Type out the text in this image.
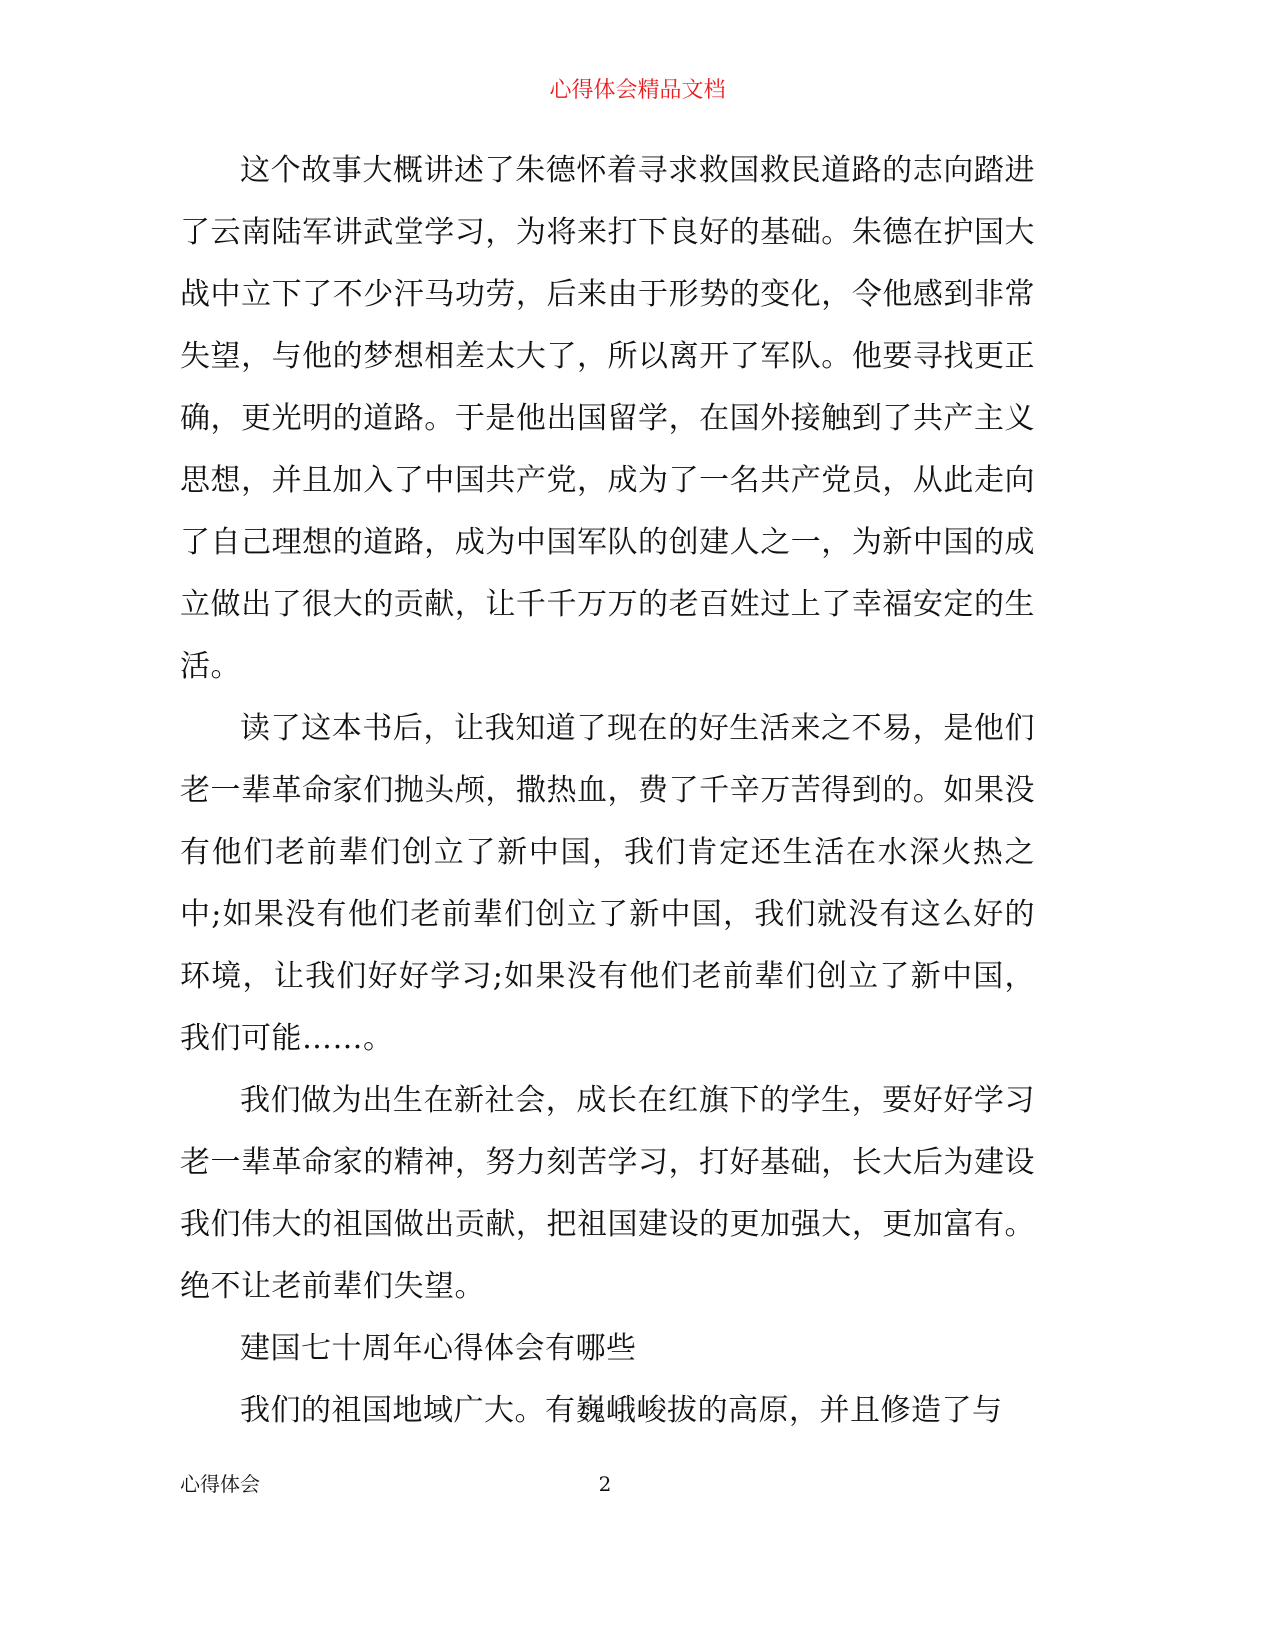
心得体会精品文档

这个故事大概讲述了朱德怀着寻求救国救民道路的志向踏进了云南陆军讲武堂学习，为将来打下良好的基础。朱德在护国大战中立下了不少汗马功劳，后来由于形势的变化，令他感到非常失望，与他的梦想相差太大了，所以离开了军队。他要寻找更正确，更光明的道路。于是他出国留学，在国外接触到了共产主义思想，并且加入了中国共产党，成为了一名共产党员，从此走向了自己理想的道路，成为中国军队的创建人之一，为新中国的成立做出了很大的贡献，让千千万万的老百姓过上了幸福安定的生活。

读了这本书后，让我知道了现在的好生活来之不易，是他们老一辈革命家们抛头颅，撒热血，费了千辛万苦得到的。如果没有他们老前辈们创立了新中国，我们肯定还生活在水深火热之中;如果没有他们老前辈们创立了新中国，我们就没有这么好的环境，让我们好好学习;如果没有他们老前辈们创立了新中国，我们可能……。

我们做为出生在新社会，成长在红旗下的学生，要好好学习老一辈革命家的精神，努力刻苦学习，打好基础，长大后为建设我们伟大的祖国做出贡献，把祖国建设的更加强大，更加富有。绝不让老前辈们失望。

建国七十周年心得体会有哪些

我们的祖国地域广大。有巍峨峻拔的高原，并且修造了与

心得体会	2
